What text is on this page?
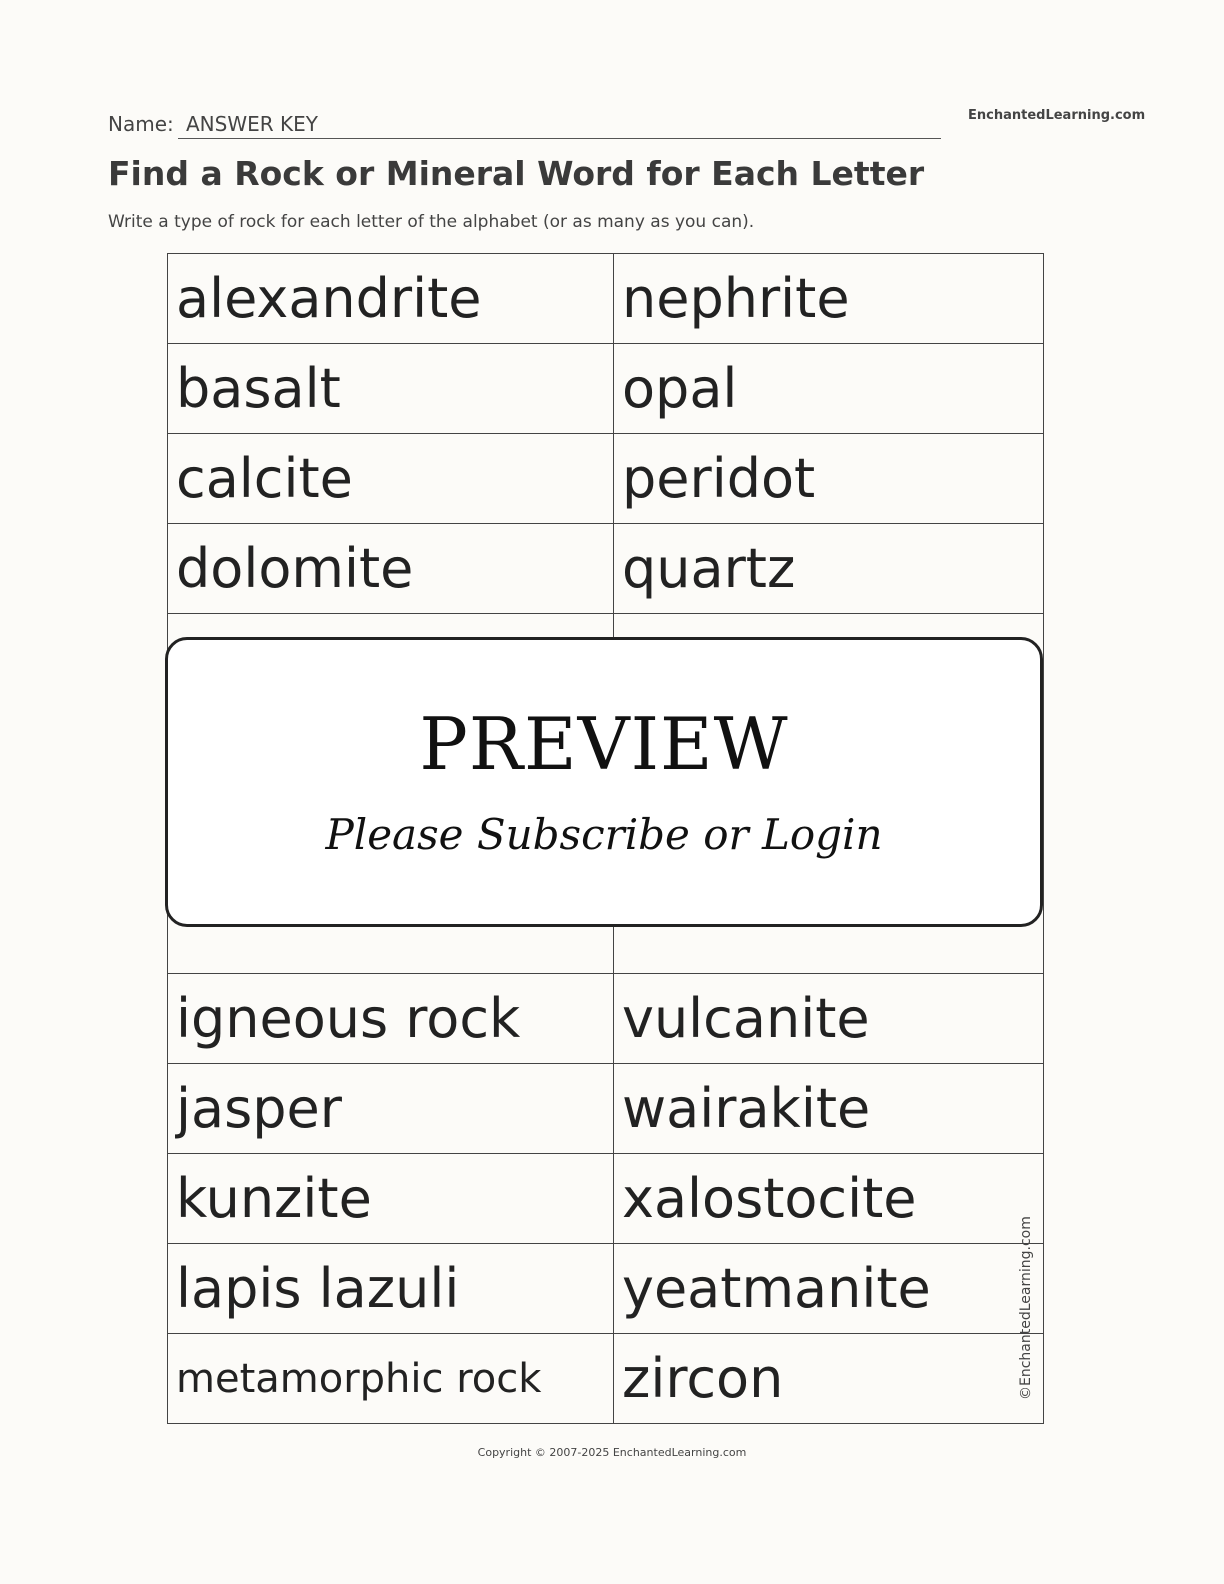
Name: ANSWER KEY	EnchantedLearning.com
Find a Rock or Mineral Word for Each Letter
Write a type of rock for each letter of the alphabet (or as many as you can).
alexandrite	nephrite
basalt	opal
calcite	peridot
dolomite	quartz

igneous rock	vulcanite
jasper	wairakite
kunzite	xalostocite
lapis lazuli	yeatmanite
metamorphic rock	zircon	©EnchantedLearning.com
PREVIEW
Please Subscribe or Login
Copyright © 2007-2025 EnchantedLearning.com
